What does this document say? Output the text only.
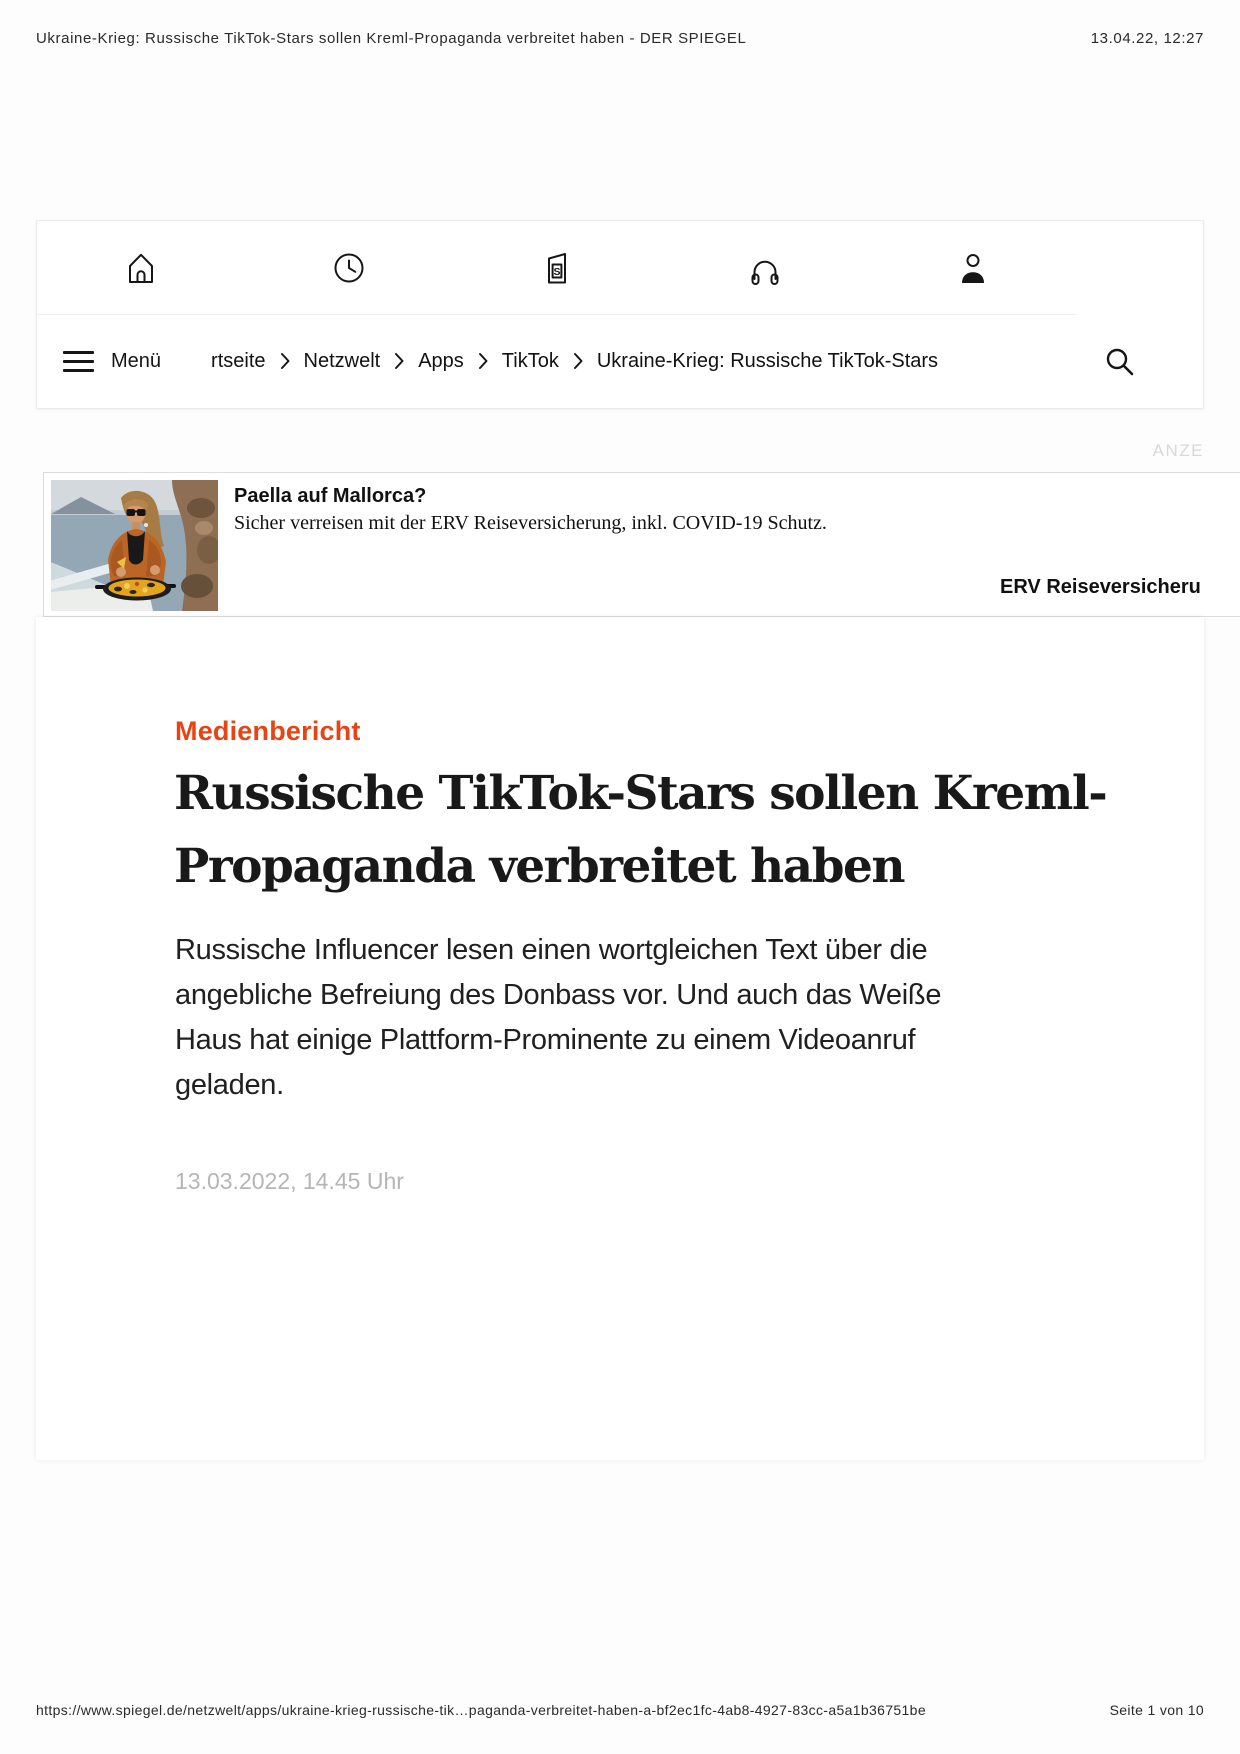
Ukraine-Krieg: Russische TikTok-Stars sollen Kreml-Propaganda verbreitet haben - DER SPIEGEL	13.04.22, 12:27
S
Menü	rtseite Netzwelt Apps TikTok Ukraine-Krieg: Russische TikTok-Stars
ANZE
Paella auf Mallorca?
Sicher verreisen mit der ERV Reiseversicherung, inkl. COVID-19 Schutz.
ERV Reiseversicheru
Medienbericht
Russische TikTok-Stars sollen Kreml-
Propaganda verbreitet haben
Russische Influencer lesen einen wortgleichen Text über die
angebliche Befreiung des Donbass vor. Und auch das Weiße
Haus hat einige Plattform-Prominente zu einem Videoanruf
geladen.
13.03.2022, 14.45 Uhr
https://www.spiegel.de/netzwelt/apps/ukraine-krieg-russische-tik…paganda-verbreitet-haben-a-bf2ec1fc-4ab8-4927-83cc-a5a1b36751be	Seite 1 von 10
